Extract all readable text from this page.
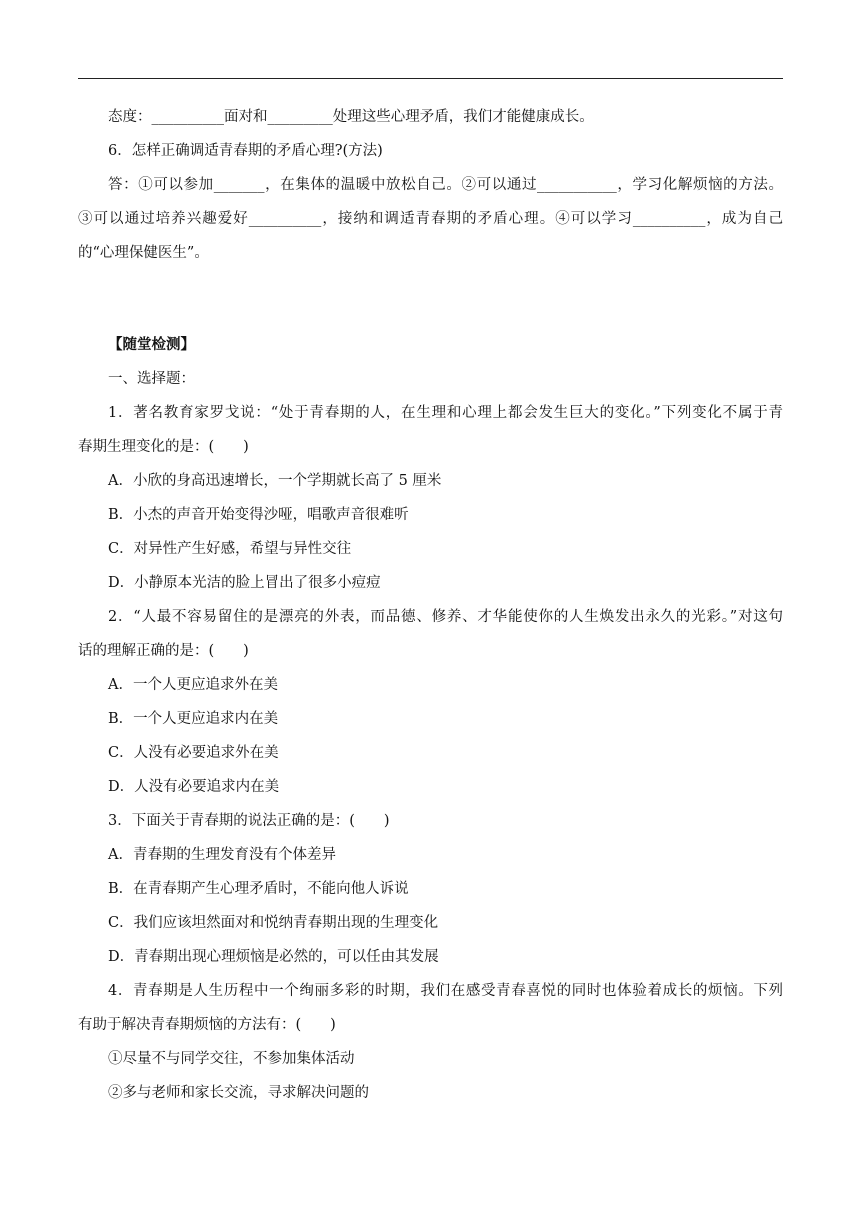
态度：__________面对和_________处理这些心理矛盾，我们才能健康成长。
6．怎样正确调适青春期的矛盾心理?(方法)
答：①可以参加_______，在集体的温暖中放松自己。②可以通过___________，学习化解烦恼的方法。
③可以通过培养兴趣爱好__________，接纳和调适青春期的矛盾心理。④可以学习__________，成为自己
的“心理保健医生”。
【随堂检测】
一、选择题：
1．著名教育家罗戈说：“处于青春期的人，在生理和心理上都会发生巨大的变化。”下列变化不属于青
春期生理变化的是：(　　)
A．小欣的身高迅速增长，一个学期就长高了 5 厘米
B．小杰的声音开始变得沙哑，唱歌声音很难听
C．对异性产生好感，希望与异性交往
D．小静原本光洁的脸上冒出了很多小痘痘
2．“人最不容易留住的是漂亮的外表，而品德、修养、才华能使你的人生焕发出永久的光彩。”对这句
话的理解正确的是：(　　)
A．一个人更应追求外在美
B．一个人更应追求内在美
C．人没有必要追求外在美
D．人没有必要追求内在美
3．下面关于青春期的说法正确的是：(　　)
A．青春期的生理发育没有个体差异
B．在青春期产生心理矛盾时，不能向他人诉说
C．我们应该坦然面对和悦纳青春期出现的生理变化
D．青春期出现心理烦恼是必然的，可以任由其发展
4．青春期是人生历程中一个绚丽多彩的时期，我们在感受青春喜悦的同时也体验着成长的烦恼。下列
有助于解决青春期烦恼的方法有：(　　)
①尽量不与同学交往，不参加集体活动
②多与老师和家长交流，寻求解决问题的
